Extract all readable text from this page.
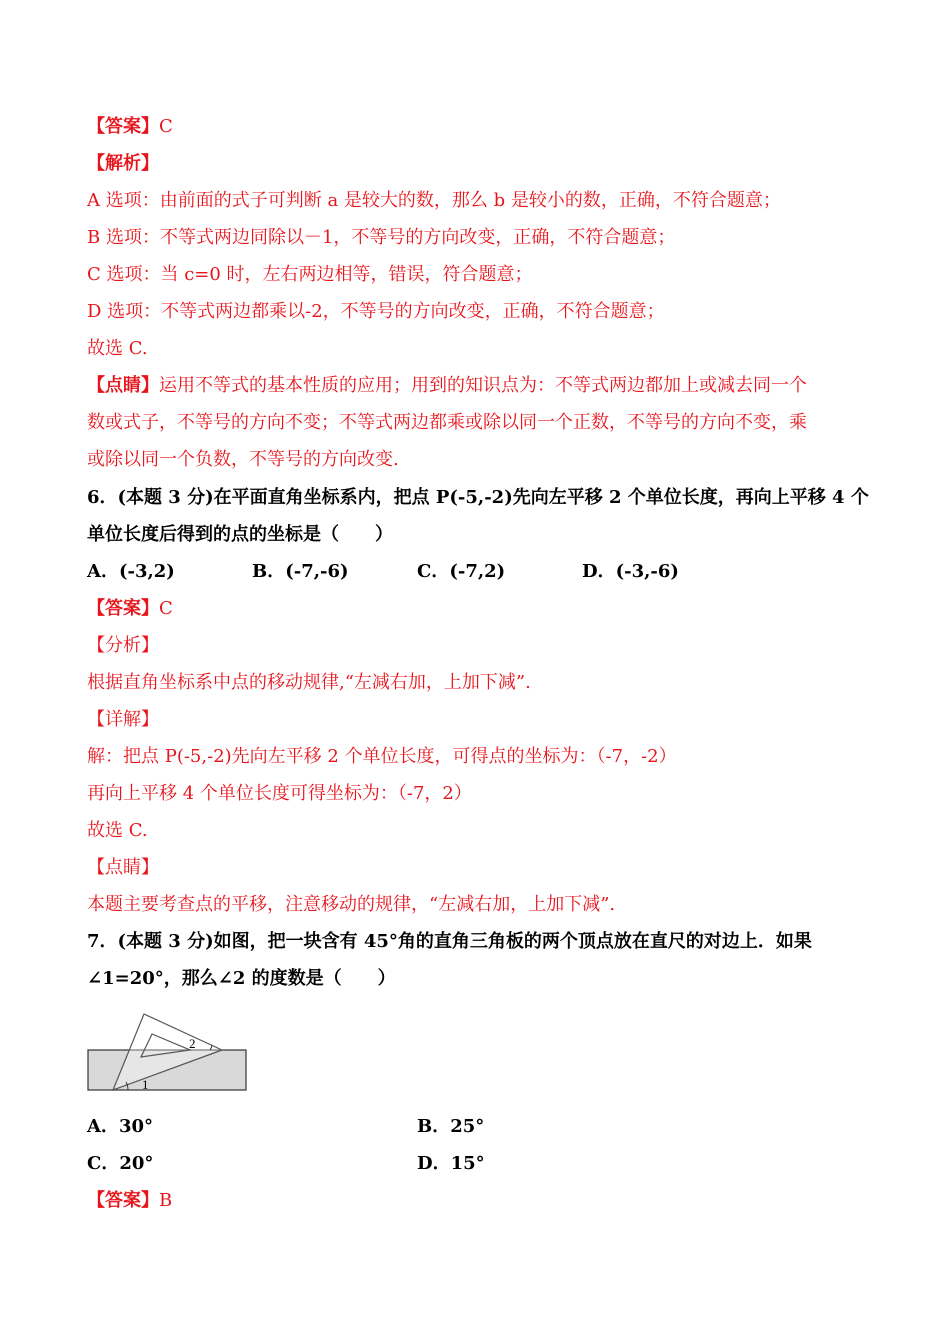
【答案】C
【解析】
A 选项：由前面的式子可判断 a 是较大的数，那么 b 是较小的数，正确，不符合题意；
B 选项：不等式两边同除以－1，不等号的方向改变，正确，不符合题意；
C 选项：当 c=0 时，左右两边相等，错误，符合题意；
D 选项：不等式两边都乘以-2，不等号的方向改变，正确，不符合题意；
故选 C.
【点睛】运用不等式的基本性质的应用；用到的知识点为：不等式两边都加上或减去同一个
数或式子，不等号的方向不变；不等式两边都乘或除以同一个正数，不等号的方向不变，乘
或除以同一个负数，不等号的方向改变.
6．(本题 3 分)在平面直角坐标系内，把点 P(-5,-2)先向左平移 2 个单位长度，再向上平移 4 个
单位长度后得到的点的坐标是（　　）
A．(-3,2)	B．(-7,-6)	C．(-7,2)	D．(-3,-6)
【答案】C
【分析】
根据直角坐标系中点的移动规律,“左减右加，上加下减”.
【详解】
解：把点 P(-5,-2)先向左平移 2 个单位长度，可得点的坐标为：（-7，-2）
再向上平移 4 个单位长度可得坐标为：（-7，2）
故选 C.
【点睛】
本题主要考查点的平移，注意移动的规律，“左减右加，上加下减”.
7．(本题 3 分)如图，把一块含有 45°角的直角三角板的两个顶点放在直尺的对边上．如果
∠1=20°，那么∠2 的度数是（　　）
1
2
A．30°	B．25°
C．20°	D．15°
【答案】B
